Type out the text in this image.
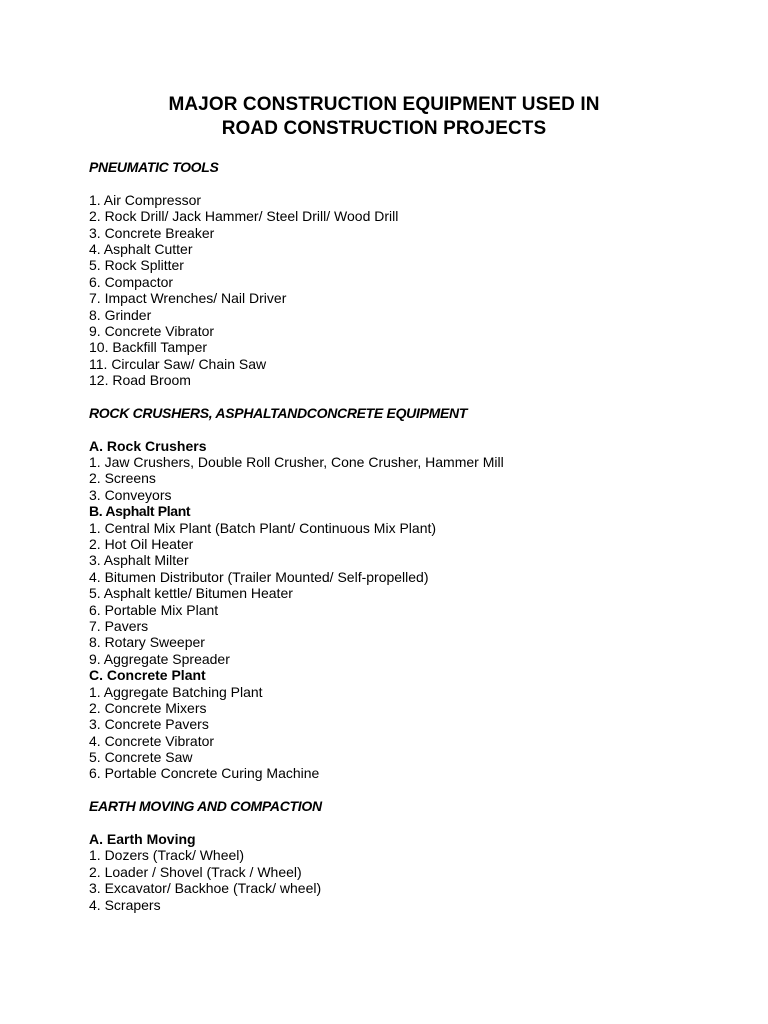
MAJOR CONSTRUCTION EQUIPMENT USED IN
ROAD CONSTRUCTION PROJECTS
PNEUMATIC TOOLS
1. Air Compressor
2. Rock Drill/ Jack Hammer/ Steel Drill/ Wood Drill
3. Concrete Breaker
4. Asphalt Cutter
5. Rock Splitter
6. Compactor
7. Impact Wrenches/ Nail Driver
8. Grinder
9. Concrete Vibrator
10. Backfill Tamper
11. Circular Saw/ Chain Saw
12. Road Broom
ROCK CRUSHERS, ASPHALTANDCONCRETE EQUIPMENT
A. Rock Crushers
1. Jaw Crushers, Double Roll Crusher, Cone Crusher, Hammer Mill
2. Screens
3. Conveyors
B. Asphalt Plant
1. Central Mix Plant (Batch Plant/ Continuous Mix Plant)
2. Hot Oil Heater
3. Asphalt Milter
4. Bitumen Distributor (Trailer Mounted/ Self-propelled)
5. Asphalt kettle/ Bitumen Heater
6. Portable Mix Plant
7. Pavers
8. Rotary Sweeper
9. Aggregate Spreader
C. Concrete Plant
1. Aggregate Batching Plant
2. Concrete Mixers
3. Concrete Pavers
4. Concrete Vibrator
5. Concrete Saw
6. Portable Concrete Curing Machine
EARTH MOVING AND COMPACTION
A. Earth Moving
1. Dozers (Track/ Wheel)
2. Loader / Shovel (Track / Wheel)
3. Excavator/ Backhoe (Track/ wheel)
4. Scrapers
